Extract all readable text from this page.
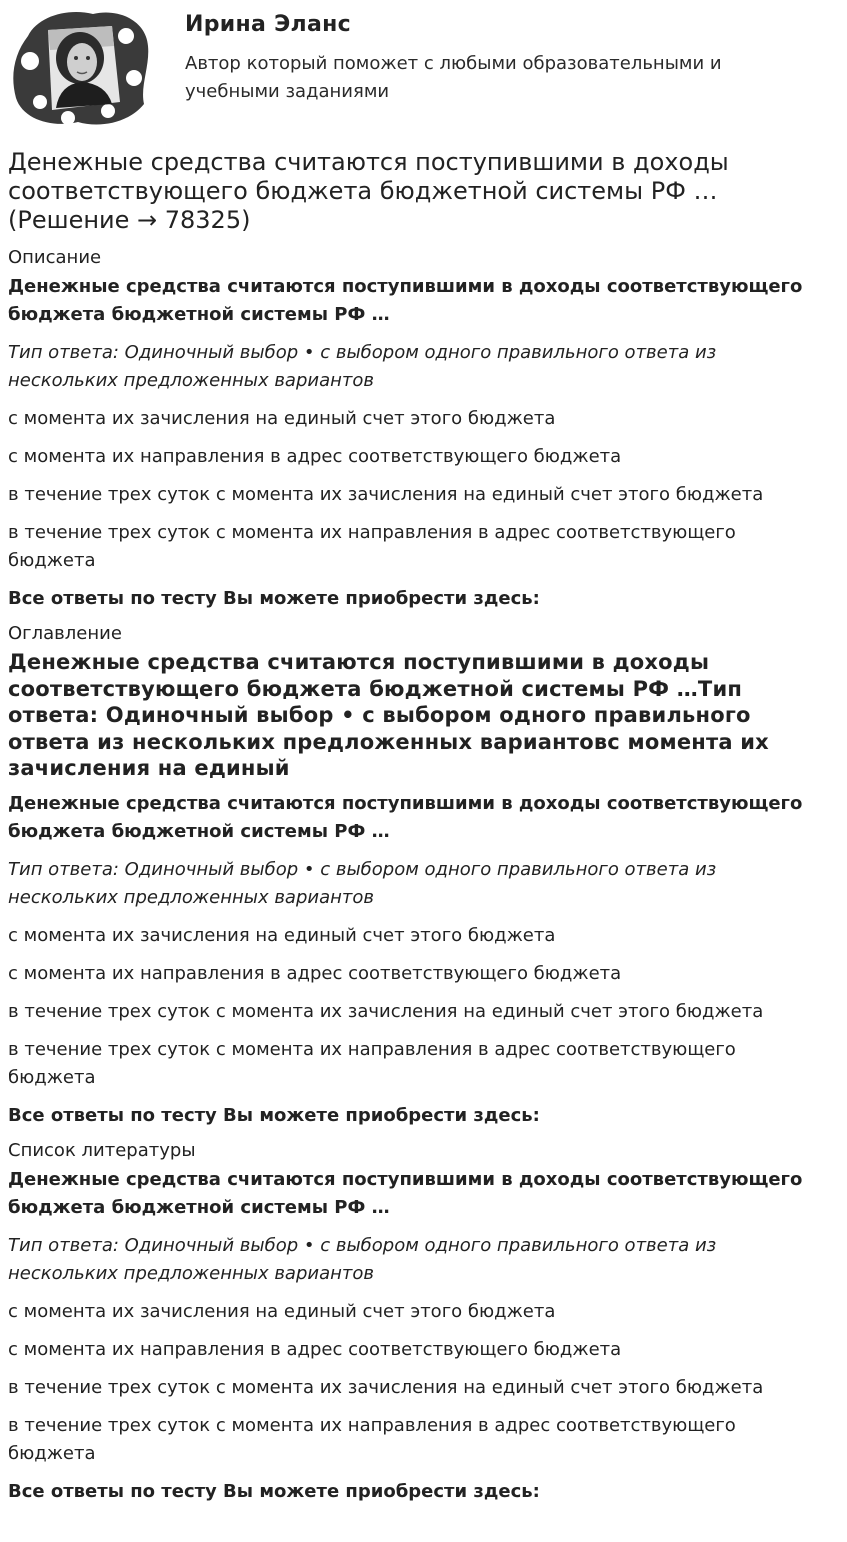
Ирина Эланс

Автор который поможет с любыми образовательными и учебными заданиями

Денежные средства считаются поступившими в доходы соответствующего бюджета бюджетной системы РФ … (Решение → 78325)

Описание

Денежные средства считаются поступившими в доходы соответствующего бюджета бюджетной системы РФ …

Тип ответа: Одиночный выбор • с выбором одного правильного ответа из нескольких предложенных вариантов

с момента их зачисления на единый счет этого бюджета

с момента их направления в адрес соответствующего бюджета

в течение трех суток с момента их зачисления на единый счет этого бюджета

в течение трех суток с момента их направления в адрес соответствующего бюджета

Все ответы по тесту Вы можете приобрести здесь:

Оглавление

Денежные средства считаются поступившими в доходы соответствующего бюджета бюджетной системы РФ …Тип ответа: Одиночный выбор • с выбором одного правильного ответа из нескольких предложенных вариантовс момента их зачисления на единый

Денежные средства считаются поступившими в доходы соответствующего бюджета бюджетной системы РФ …

Тип ответа: Одиночный выбор • с выбором одного правильного ответа из нескольких предложенных вариантов

с момента их зачисления на единый счет этого бюджета

с момента их направления в адрес соответствующего бюджета

в течение трех суток с момента их зачисления на единый счет этого бюджета

в течение трех суток с момента их направления в адрес соответствующего бюджета

Все ответы по тесту Вы можете приобрести здесь:

Список литературы

Денежные средства считаются поступившими в доходы соответствующего бюджета бюджетной системы РФ …

Тип ответа: Одиночный выбор • с выбором одного правильного ответа из нескольких предложенных вариантов

с момента их зачисления на единый счет этого бюджета

с момента их направления в адрес соответствующего бюджета

в течение трех суток с момента их зачисления на единый счет этого бюджета

в течение трех суток с момента их направления в адрес соответствующего бюджета

Все ответы по тесту Вы можете приобрести здесь:
